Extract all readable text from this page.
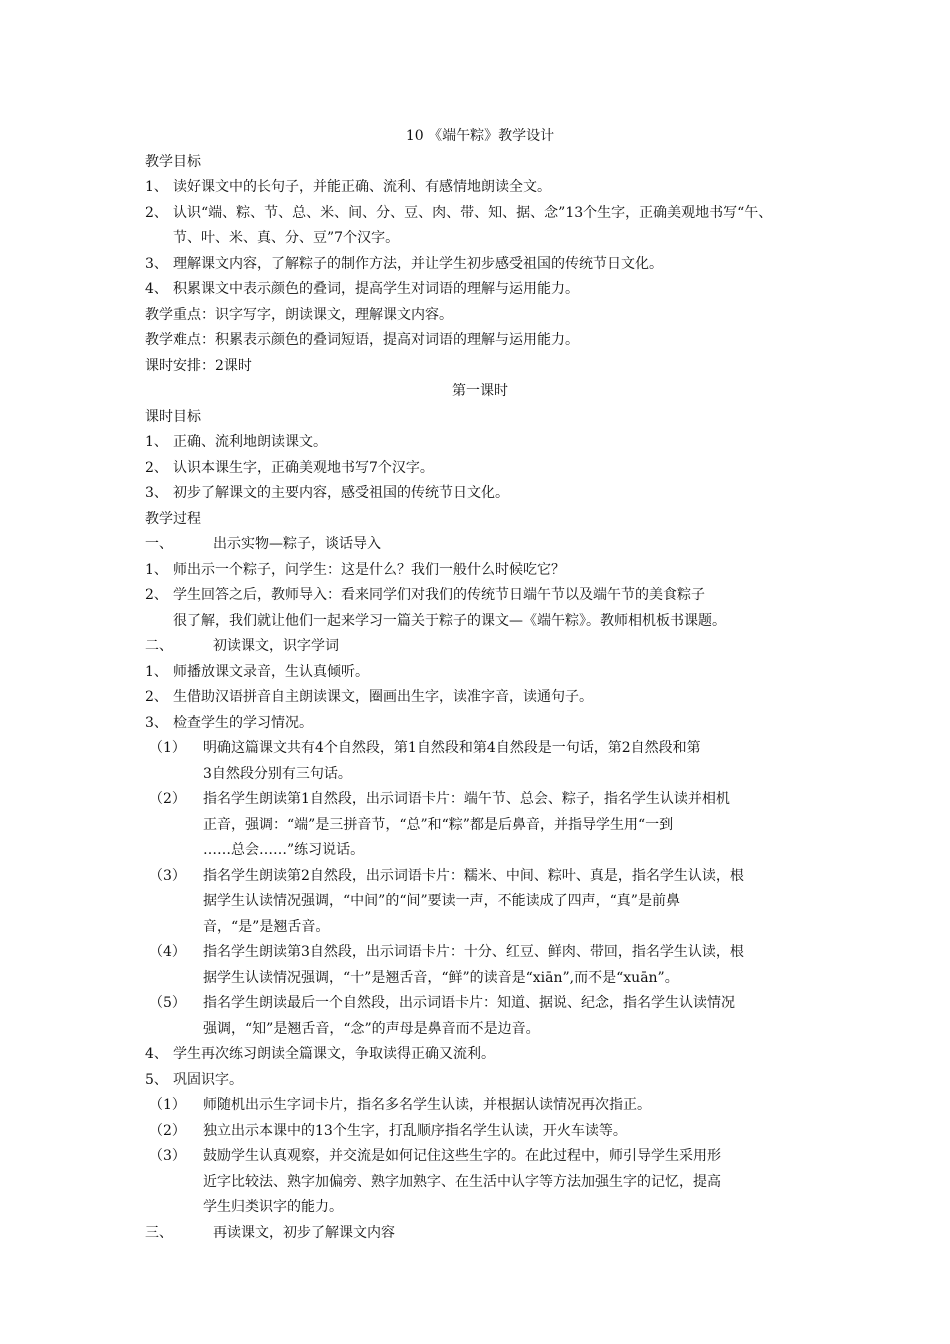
10 《端午粽》教学设计
教学目标
1、 读好课文中的长句子，并能正确、流利、有感情地朗读全文。
2、 认识“端、粽、节、总、米、间、分、豆、肉、带、知、据、念”13个生字，正确美观地书写“午、
节、叶、米、真、分、豆”7个汉字。
3、 理解课文内容，了解粽子的制作方法，并让学生初步感受祖国的传统节日文化。
4、 积累课文中表示颜色的叠词，提高学生对词语的理解与运用能力。
教学重点：识字写字，朗读课文，理解课文内容。
教学难点：积累表示颜色的叠词短语，提高对词语的理解与运用能力。
课时安排：2课时
第一课时
课时目标
1、 正确、流利地朗读课文。
2、 认识本课生字，正确美观地书写7个汉字。
3、 初步了解课文的主要内容，感受祖国的传统节日文化。
教学过程
一、	出示实物—粽子，谈话导入
1、 师出示一个粽子，问学生：这是什么？我们一般什么时候吃它？
2、 学生回答之后，教师导入：看来同学们对我们的传统节日端午节以及端午节的美食粽子
很了解，我们就让他们一起来学习一篇关于粽子的课文—《端午粽》。教师相机板书课题。
二、	初读课文，识字学词
1、 师播放课文录音，生认真倾听。
2、 生借助汉语拼音自主朗读课文，圈画出生字，读准字音，读通句子。
3、 检查学生的学习情况。
（1）	明确这篇课文共有4个自然段，第1自然段和第4自然段是一句话，第2自然段和第
3自然段分别有三句话。
（2）	指名学生朗读第1自然段，出示词语卡片：端午节、总会、粽子，指名学生认读并相机
正音，强调：“端”是三拼音节，“总”和“粽”都是后鼻音，并指导学生用“一到
……总会……”练习说话。
（3）	指名学生朗读第2自然段，出示词语卡片：糯米、中间、粽叶、真是，指名学生认读，根
据学生认读情况强调，“中间”的“间”要读一声，不能读成了四声，“真”是前鼻
音，“是”是翘舌音。
（4）	指名学生朗读第3自然段，出示词语卡片：十分、红豆、鲜肉、带回，指名学生认读，根
据学生认读情况强调，“十”是翘舌音，“鲜”的读音是“xiān”,而不是“xuān”。
（5）	指名学生朗读最后一个自然段，出示词语卡片：知道、据说、纪念，指名学生认读情况
强调，“知”是翘舌音，“念”的声母是鼻音而不是边音。
4、 学生再次练习朗读全篇课文，争取读得正确又流利。
5、 巩固识字。
（1）	师随机出示生字词卡片，指名多名学生认读，并根据认读情况再次指正。
（2）	独立出示本课中的13个生字，打乱顺序指名学生认读，开火车读等。
（3）	鼓励学生认真观察，并交流是如何记住这些生字的。在此过程中，师引导学生采用形
近字比较法、熟字加偏旁、熟字加熟字、在生活中认字等方法加强生字的记忆，提高
学生归类识字的能力。
三、	再读课文，初步了解课文内容
